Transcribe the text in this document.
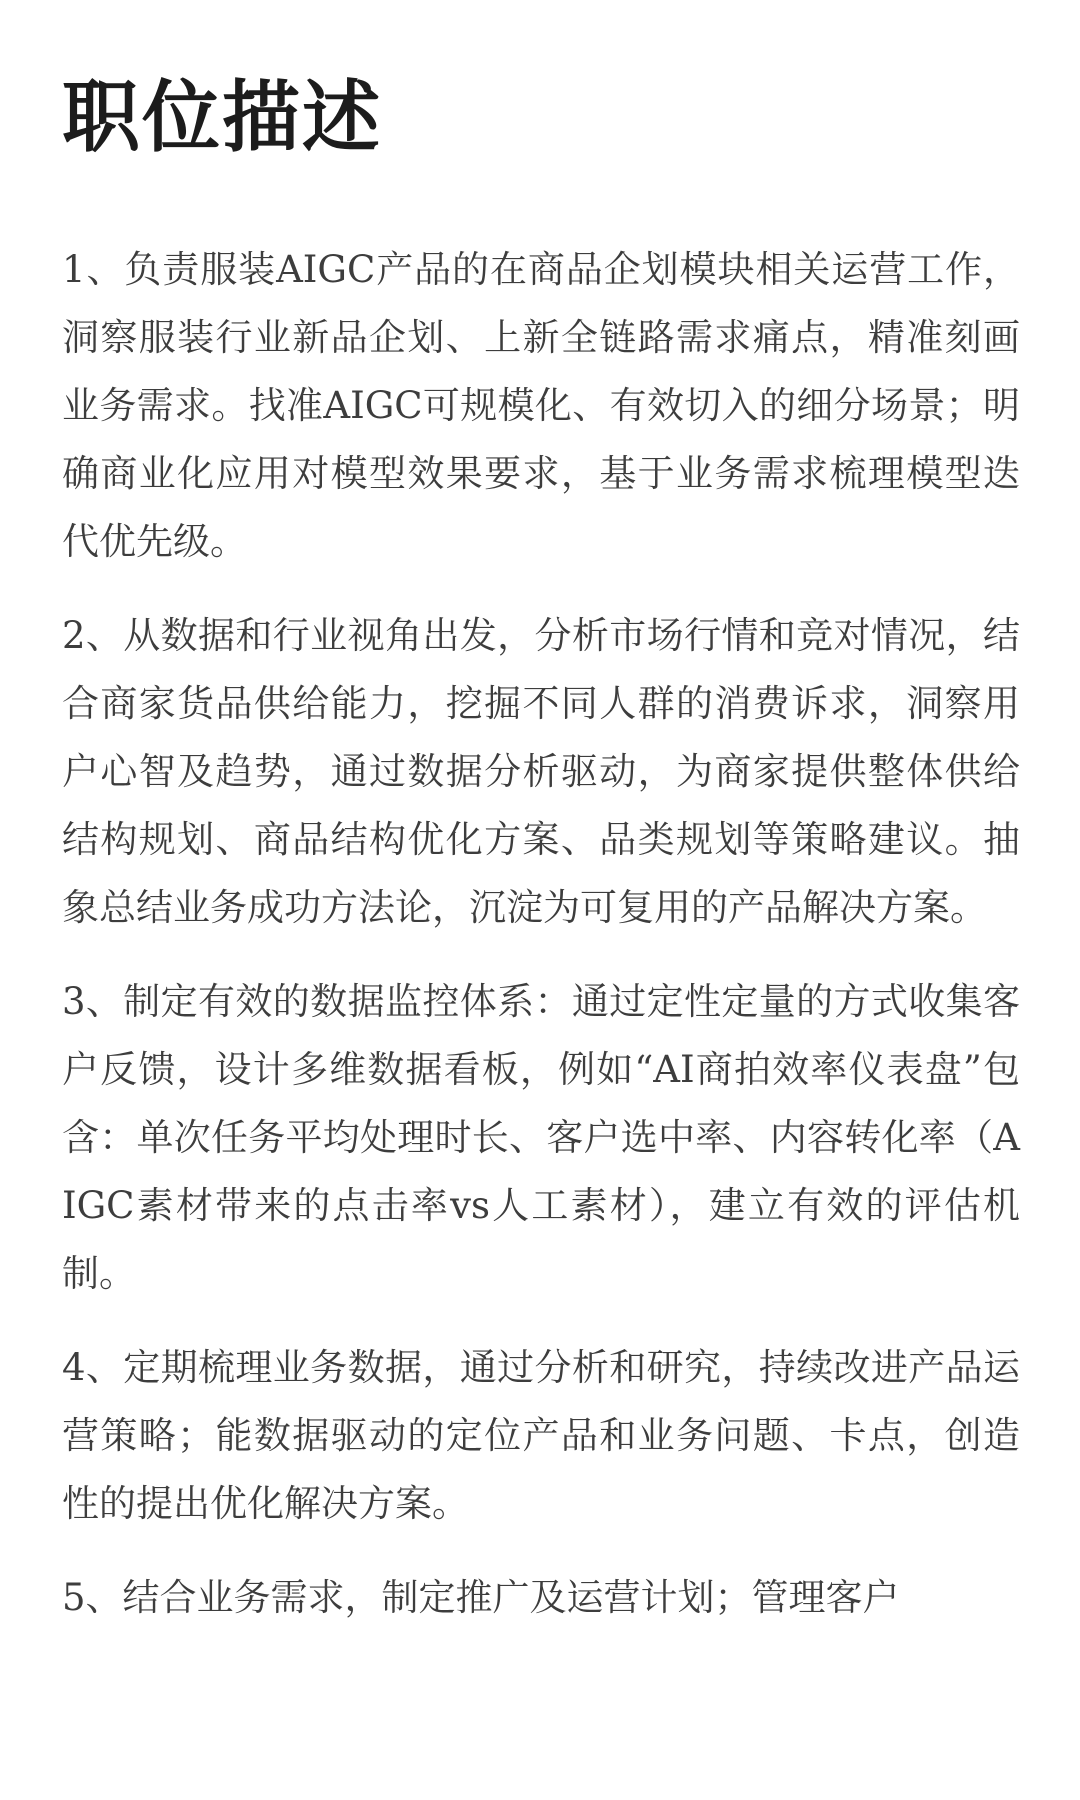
职位描述

1、负责服装AIGC产品的在商品企划模块相关运营工作， 洞察服装行业新品企划、上新全链路需求痛点，精准刻画业务需求。找准AIGC可规模化、有效切入的细分场景；明确商业化应用对模型效果要求，基于业务需求梳理模型迭代优先级。

2、从数据和行业视角出发，分析市场行情和竞对情况，结合商家货品供给能力，挖掘不同人群的消费诉求，洞察用户心智及趋势，通过数据分析驱动，为商家提供整体供给结构规划、商品结构优化方案、品类规划等策略建议。抽象总结业务成功方法论，沉淀为可复用的产品解决方案。

3、制定有效的数据监控体系：通过定性定量的方式收集客户反馈，设计多维数据看板，例如“AI商拍效率仪表盘”包含：单次任务平均处理时长、客户选中率、内容转化率（AIGC素材带来的点击率vs人工素材），建立有效的评估机制。

4、定期梳理业务数据，通过分析和研究，持续改进产品运营策略；能数据驱动的定位产品和业务问题、卡点，创造性的提出优化解决方案。

5、结合业务需求，制定推广及运营计划；管理客户
